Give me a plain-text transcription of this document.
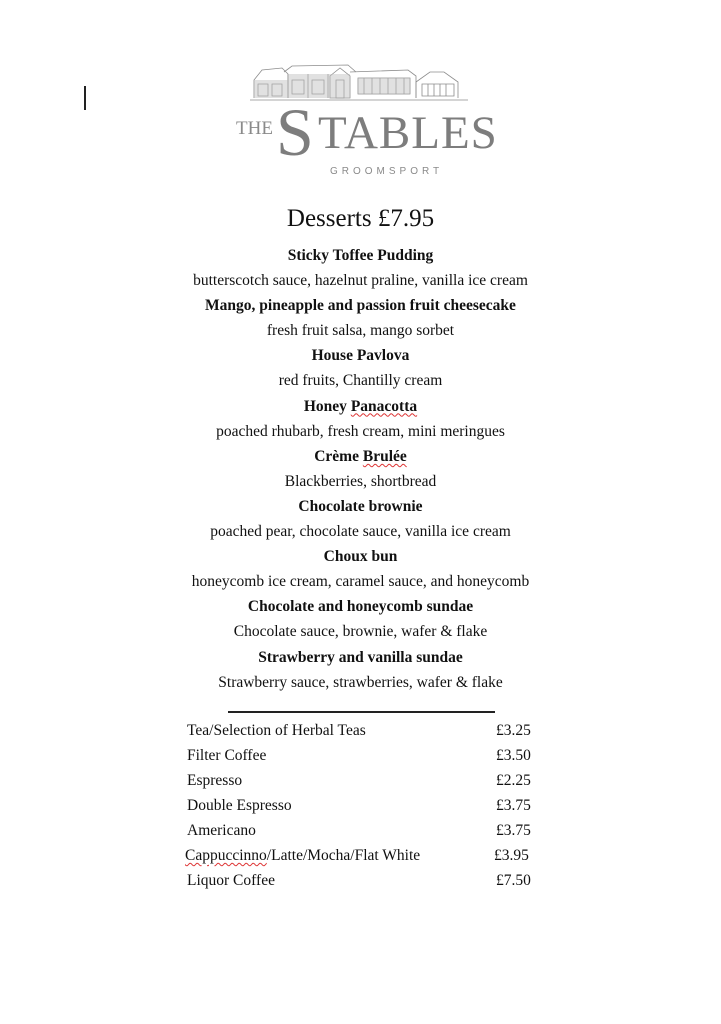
THE S TABLES
GROOMSPORT
Desserts £7.95
Sticky Toffee Pudding
butterscotch sauce, hazelnut praline, vanilla ice cream
Mango, pineapple and passion fruit cheesecake
fresh fruit salsa, mango sorbet
House Pavlova
red fruits, Chantilly cream
Honey Panacotta
poached rhubarb, fresh cream, mini meringues
Crème Brulée
Blackberries, shortbread
Chocolate brownie
poached pear, chocolate sauce, vanilla ice cream
Choux bun
honeycomb ice cream, caramel sauce, and honeycomb
Chocolate and honeycomb sundae
Chocolate sauce, brownie, wafer & flake
Strawberry and vanilla sundae
Strawberry sauce, strawberries, wafer & flake
Tea/Selection of Herbal Teas	£3.25
Filter Coffee	£3.50
Espresso	£2.25
Double Espresso	£3.75
Americano	£3.75
Cappuccinno/Latte/Mocha/Flat White	£3.95
Liquor Coffee	£7.50
